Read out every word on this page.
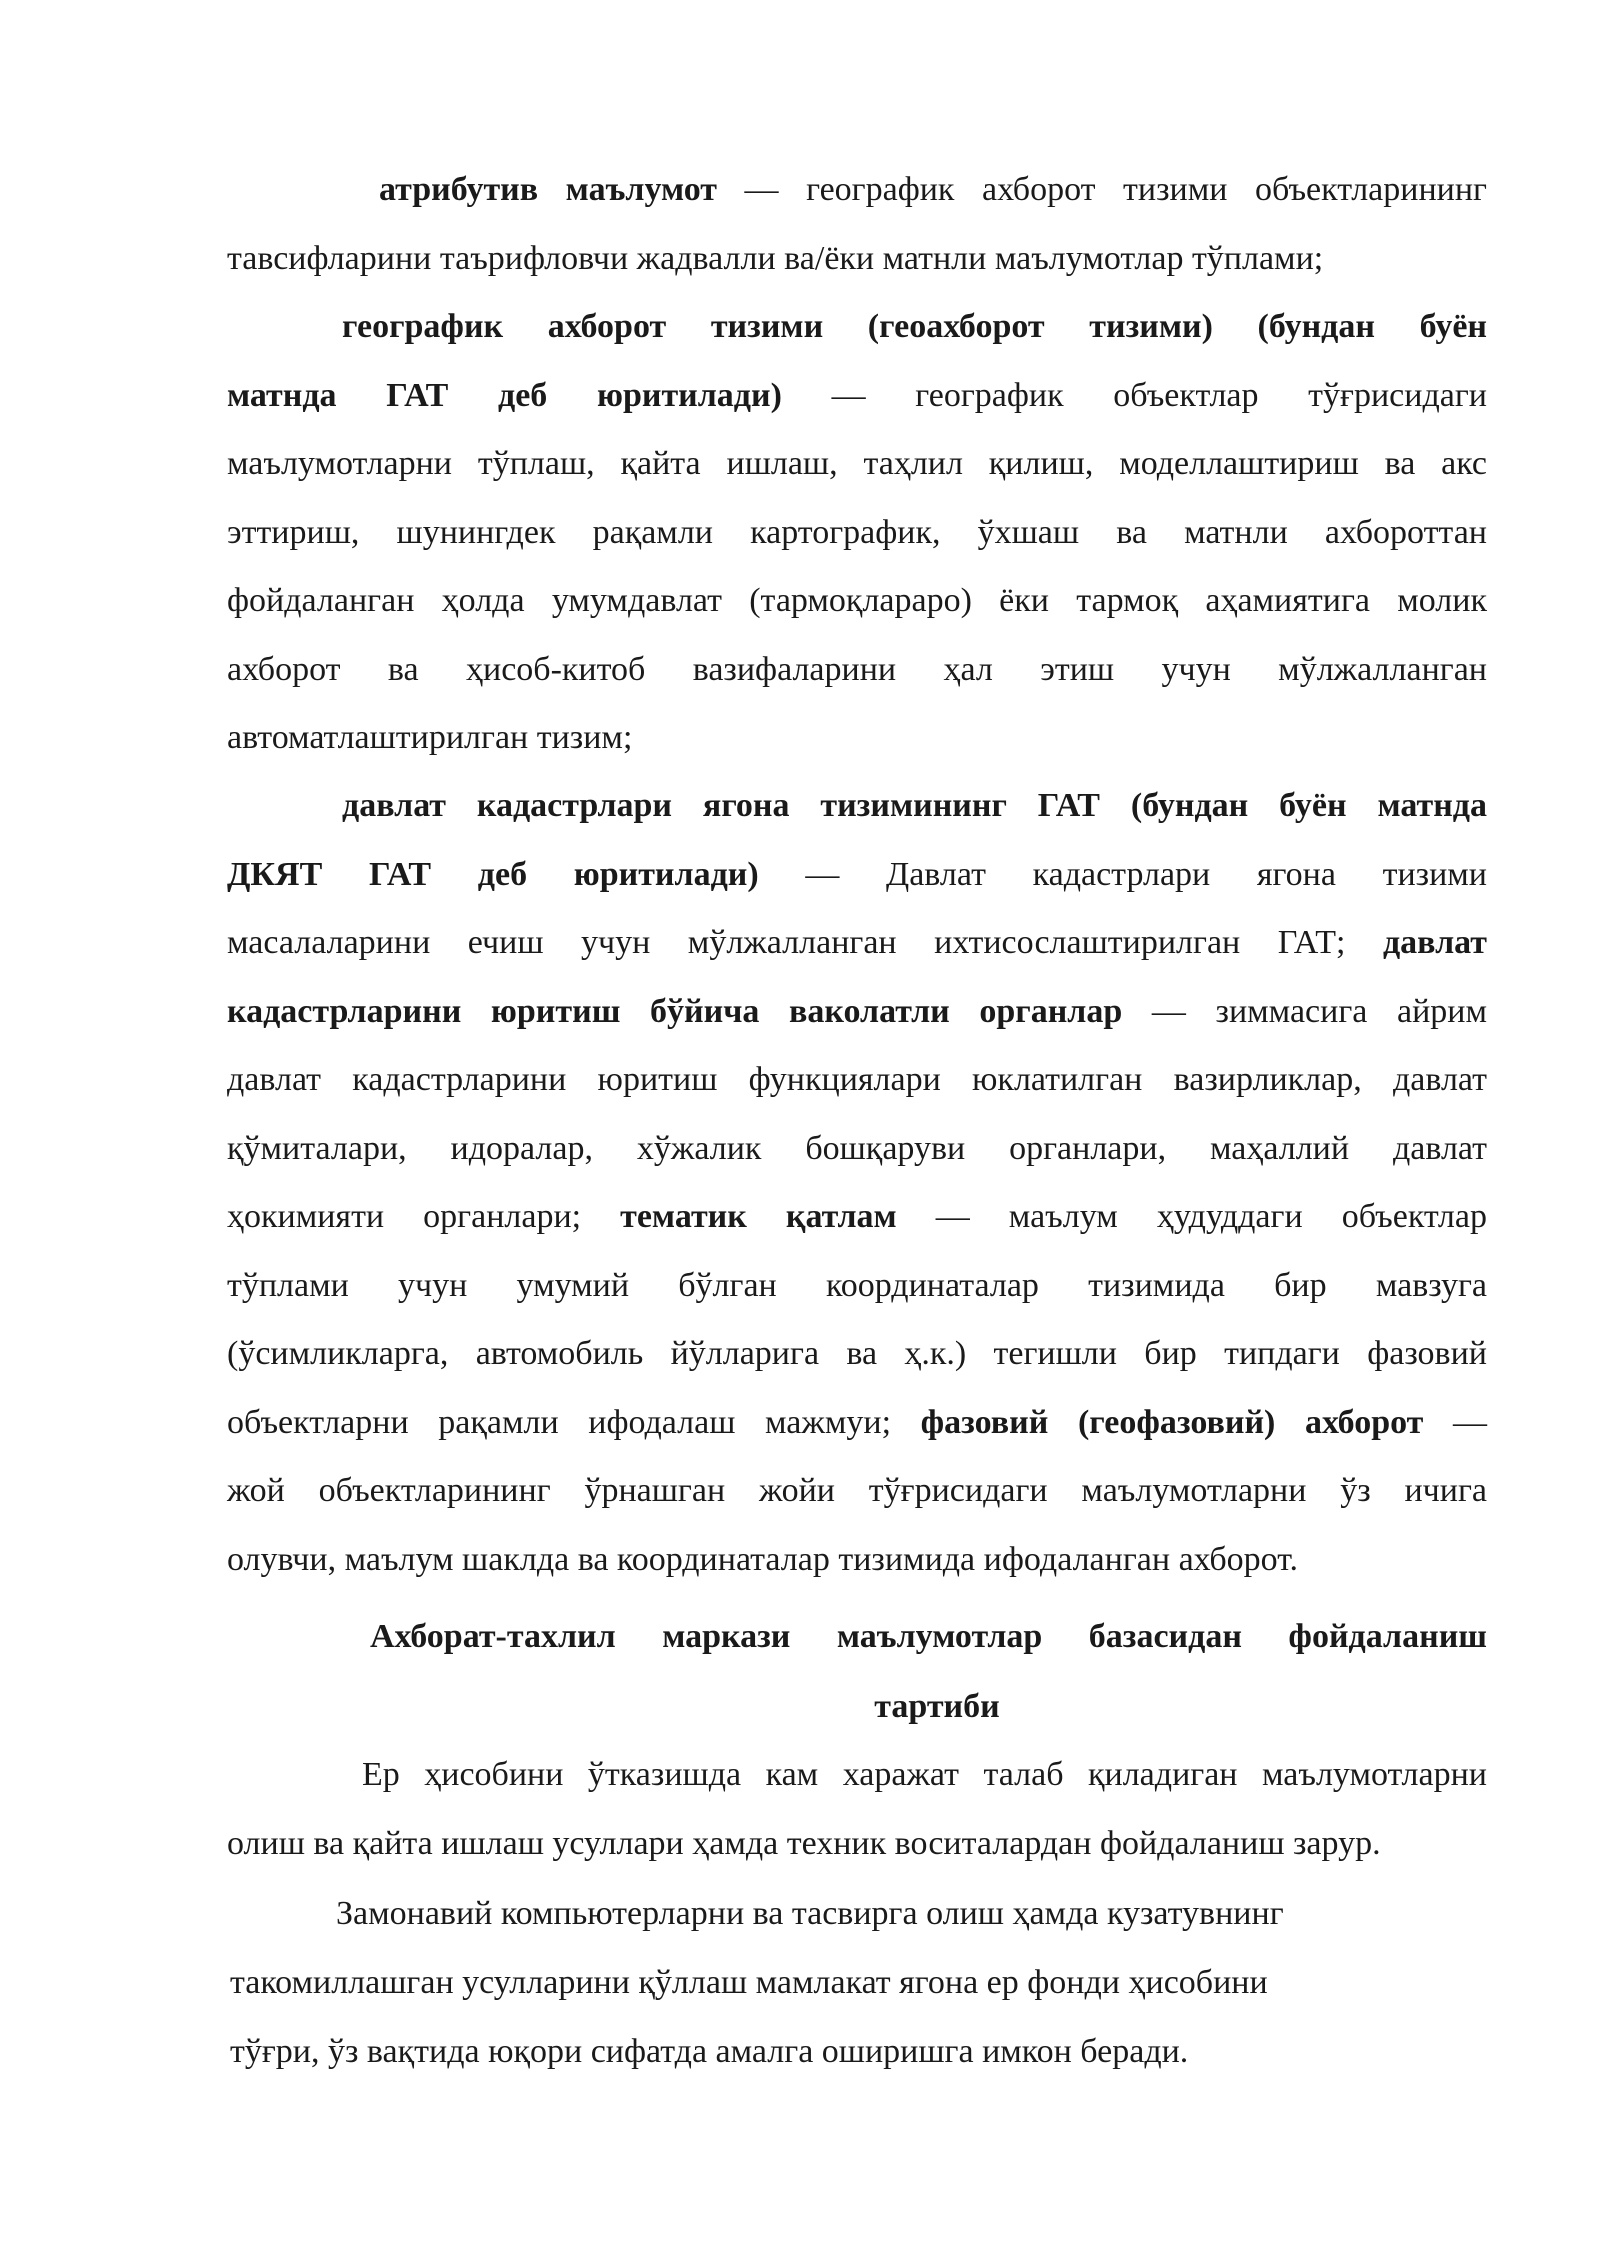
атрибутив маълумот — географик ахборот тизими объектларининг
тавсифларини таърифловчи жадвалли ва/ёки матнли маълумотлар тўплами;
географик ахборот тизими (геоахборот тизими) (бундан буён
матнда ГАТ деб юритилади) — географик объектлар тўғрисидаги
маълумотларни тўплаш, қайта ишлаш, таҳлил қилиш, моделлаштириш ва акс
эттириш, шунингдек рақамли картографик, ўхшаш ва матнли ахбороттан
фойдаланган ҳолда умумдавлат (тармоқлараро) ёки тармоқ аҳамиятига молик
ахборот ва ҳисоб-китоб вазифаларини ҳал этиш учун мўлжалланган
автоматлаштирилган тизим;
давлат кадастрлари ягона тизимининг ГАТ (бундан буён матнда
ДКЯТ ГАТ деб юритилади) — Давлат кадастрлари ягона тизими
масалаларини ечиш учун мўлжалланган ихтисослаштирилган ГАТ; давлат
кадастрларини юритиш бўйича ваколатли органлар — зиммасига айрим
давлат кадастрларини юритиш функциялари юклатилган вазирликлар, давлат
қўмиталари, идоралар, хўжалик бошқаруви органлари, маҳаллий давлат
ҳокимияти органлари; тематик қатлам — маълум ҳудуддаги объектлар
тўплами учун умумий бўлган координаталар тизимида бир мавзуга
(ўсимликларга, автомобиль йўлларига ва ҳ.к.) тегишли бир типдаги фазовий
объектларни рақамли ифодалаш мажмуи; фазовий (геофазовий) ахборот —
жой объектларининг ўрнашган жойи тўғрисидаги маълумотларни ўз ичига
олувчи, маълум шаклда ва координаталар тизимида ифодаланган ахборот.
Ахборат-тахлил маркази маълумотлар базасидан фойдаланиш
тартиби
Ер ҳисобини ўтказишда кам харажат талаб қиладиган маълумотларни
олиш ва қайта ишлаш усуллари ҳамда техник воситалардан фойдаланиш зарур.
Замонавий компьютерларни ва тасвирга олиш ҳамда кузатувнинг
такомиллашган усулларини қўллаш мамлакат ягона ер фонди ҳисобини
тўғри, ўз вақтида юқори сифатда амалга оширишга имкон беради.
